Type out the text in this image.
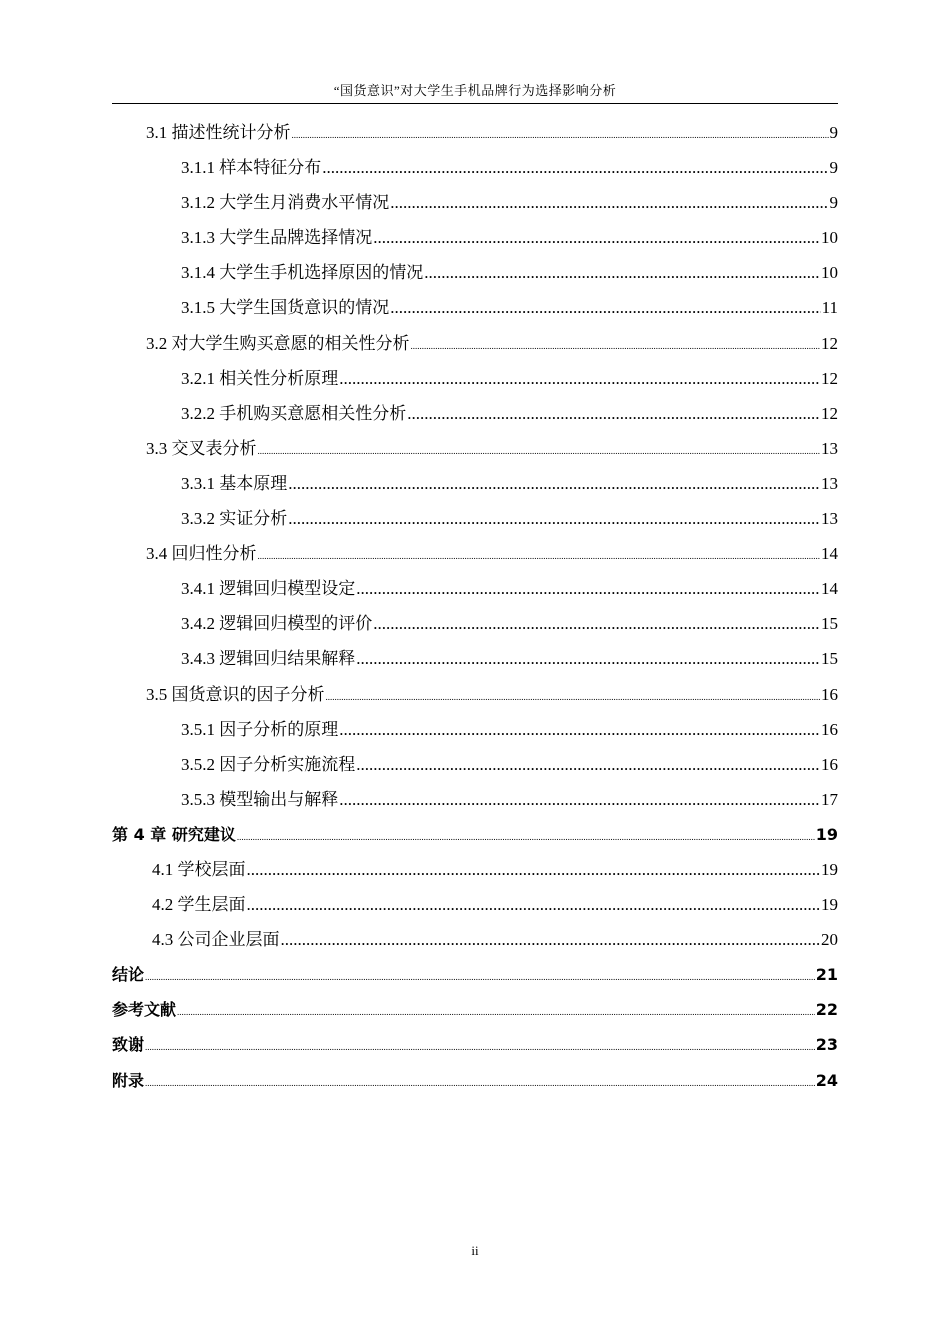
“国货意识”对大学生手机品牌行为选择影响分析
3.1 描述性统计分析 .....	9
3.1.1 样本特征分布 .....	9
3.1.2 大学生月消费水平情况 .....	9
3.1.3 大学生品牌选择情况 .....	10
3.1.4 大学生手机选择原因的情况 .....	10
3.1.5 大学生国货意识的情况 .....	11
3.2 对大学生购买意愿的相关性分析 .....	12
3.2.1 相关性分析原理 .....	12
3.2.2 手机购买意愿相关性分析 .....	12
3.3 交叉表分析 .....	13
3.3.1 基本原理 .....	13
3.3.2 实证分析 .....	13
3.4 回归性分析 .....	14
3.4.1 逻辑回归模型设定 .....	14
3.4.2 逻辑回归模型的评价 .....	15
3.4.3 逻辑回归结果解释 .....	15
3.5 国货意识的因子分析 .....	16
3.5.1 因子分析的原理 .....	16
3.5.2 因子分析实施流程 .....	16
3.5.3 模型输出与解释 .....	17
第 4 章 研究建议 .....	19
4.1 学校层面 .....	19
4.2 学生层面 .....	19
4.3 公司企业层面 .....	20
结论 .....	21
参考文献 .....	22
致谢 .....	23
附录 .....	24
ii
